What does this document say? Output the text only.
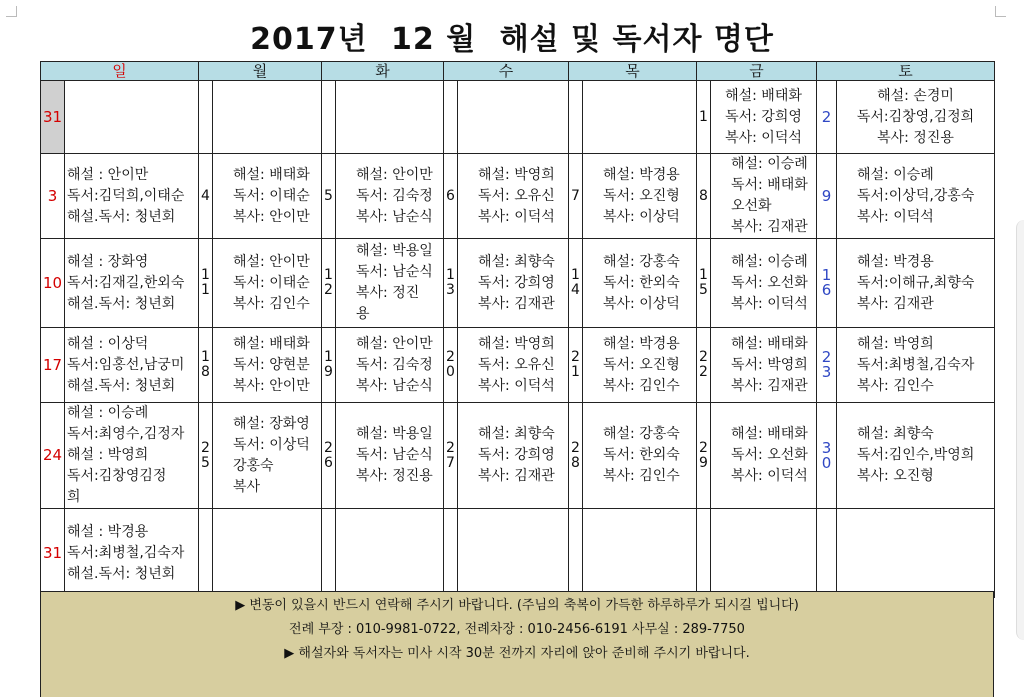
2017년 12 월 해설 및 독서자 명단
일		월		화		수		목		금		토	
31										1	해설: 배태화
독서: 강희영
복사: 이덕석	2	해설: 손경미
독서:김창영,김정희
복사: 정진용

3	해설 : 안이만
독서:김덕희,이태순
해설.독서: 청년회	4	해설: 배태화
독서: 이태순
복사: 안이만	5	해설: 안이만
독서: 김숙정
복사: 남순식	6	해설: 박영희
독서: 오유신
복사: 이덕석	7	해설: 박경용
독서: 오진형
복사: 이상덕	8	해설: 이승례
독서: 배태화
오선화
복사: 김재관	9	해설: 이승례
독서:이상덕,강홍숙
복사: 이덕석

10	해설 : 장화영
독서:김재길,한외숙
해설.독서: 청년회	11	해설: 안이만
독서: 이태순
복사: 김인수	12	해설: 박용일
독서: 남순식
복사: 정진
용	13	해설: 최향숙
독서: 강희영
복사: 김재관	14	해설: 강홍숙
독서: 한외숙
복사: 이상덕	15	해설: 이승례
독서: 오선화
복사: 이덕석	16	해설: 박경용
독서:이해규,최향숙
복사: 김재관

17	해설 : 이상덕
독서:임홍선,남궁미
해설.독서: 청년회	18	해설: 배태화
독서: 양현분
복사: 안이만	19	해설: 안이만
독서: 김숙정
복사: 남순식	20	해설: 박영희
독서: 오유신
복사: 이덕석	21	해설: 박경용
독서: 오진형
복사: 김인수	22	해설: 배태화
독서: 박영희
복사: 김재관	23	해설: 박영희
독서:최병철,김숙자
복사: 김인수

24	해설 : 이승례
독서:최영수,김정자
해설 : 박영희
독서:김창영김정
희	25	해설: 장화영
독서: 이상덕
강홍숙
복사	26	해설: 박용일
독서: 남순식
복사: 정진용	27	해설: 최향숙
독서: 강희영
복사: 김재관	28	해설: 강홍숙
독서: 한외숙
복사: 김인수	29	해설: 배태화
독서: 오선화
복사: 이덕석	30	해설: 최향숙
독서:김인수,박영희
복사: 오진형

31	해설 : 박경용
독서:최병철,김숙자
해설.독서: 청년회												

▶ 변동이 있을시 반드시 연락해 주시기 바랍니다. (주님의 축복이 가득한 하루하루가 되시길 빕니다)
전례 부장 : 010-9981-0722, 전례차장 : 010-2456-6191 사무실 : 289-7750
▶ 해설자와 독서자는 미사 시작 30분 전까지 자리에 앉아 준비해 주시기 바랍니다.
